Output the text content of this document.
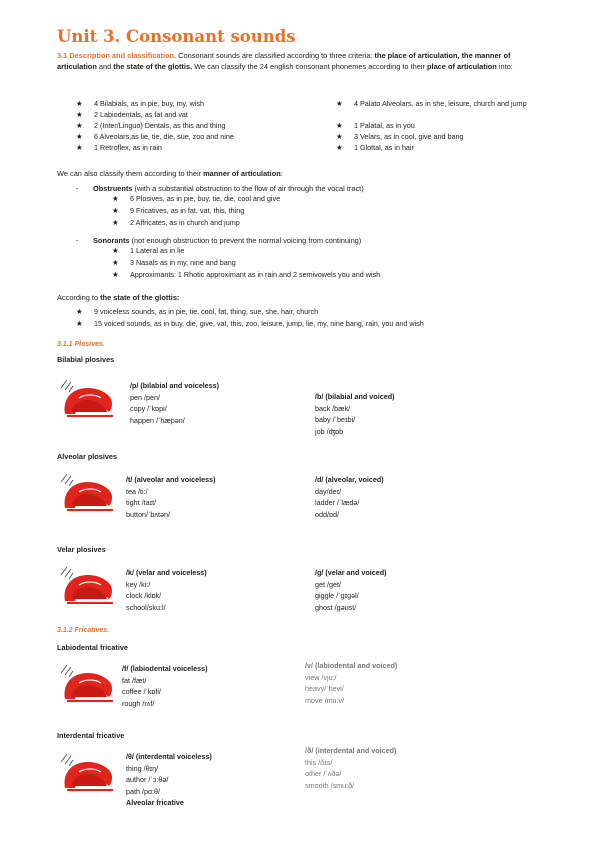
Unit 3. Consonant sounds
3.1 Description and classification. Consonant sounds are classified according to three criteria: the place of articulation, the manner of articulation and the state of the glottis. We can classify the 24 english consonant phonemes according to their place of articulation into:
★ 4 Bilabials, as in pie, buy, my, wish
★ 2 Labiodentals, as fat and vat
★ 2 (Inter/Linguo) Dentals, as this and thing
★ 6 Alveolars,as lie, tie, die, sue, zoo and nine
★ 1 Retroflex, as in rain
★ 4 Palato Alveolars, as in she, leisure, church and jump
★ 1 Palatal, as in you
★ 3 Velars, as in cool, give and bang
★ 1 Glottal, as in hair
We can also classify them according to their manner of articulation:
- Obstruents (with a substantial obstruction to the flow of air through the vocal tract)
★ 6 Plosives, as in pie, buy, tie, die, cool and give
★ 9 Fricatives, as in fat, vat, this, thing
★ 2 Affricates, as in church and jump
- Sonorants (not enough obstruction to prevent the normal voicing from continuing)
★ 1 Lateral as in lie
★ 3 Nasals as in my, nine and bang
★ Approximants: 1 Rhotic approximant as in rain and 2 semivowels you and wish
According to the state of the glottis:
★ 9 voiceless sounds, as in pie, tie, cool, fat, thing, sue, she, hair, church
★ 15 voiced sounds, as in buy, die, give, vat, this, zoo, leisure, jump, lie, my, nine bang, rain, you and wish
3.1.1 Plosives.
Bilabial plosives
/p/ (bilabial and voiceless)
pen /pen/
copy /ˈkɒpi/
happen /ˈhæpən/
/b/ (bilabial and voiced)
back /bæk/
baby /ˈbeɪbi/
job /ʤɒb
Alveolar plosives
/t/ (alveolar and voiceless)
tea /ti:/
tight /taɪt/
button/ˈbʌtən/
/d/ (alveolar, voiced)
day/deɪ/
ladder /ˈlædə/
odd/ɒd/
Velar plosives
/k/ (velar and voiceless)
key /ki:/
clock /klɒk/
school/sku:l/
/g/ (velar and voiced)
get /get/
giggle /ˈgɪgəl/
ghost /gəʊst/
3.1.2 Fricatives.
Labiodental fricative
/f/ (labiodental voiceless)
fat /fæt/
coffee /ˈkɒfi/
rough /rʌf/
/v/ (labiodental and voiced)
view /vju:/
heavy/ˈhevi/
move /mu:v/
Interdental fricative
/θ/ (interdental voiceless)
thing /θɪŋ/
author /ˈɔ:θə/
path /pɑ:θ/
Alveolar fricative
/ð/ (interdental and voiced)
this /ðɪs/
other /ˈʌðə/
smooth /smu:ð/
